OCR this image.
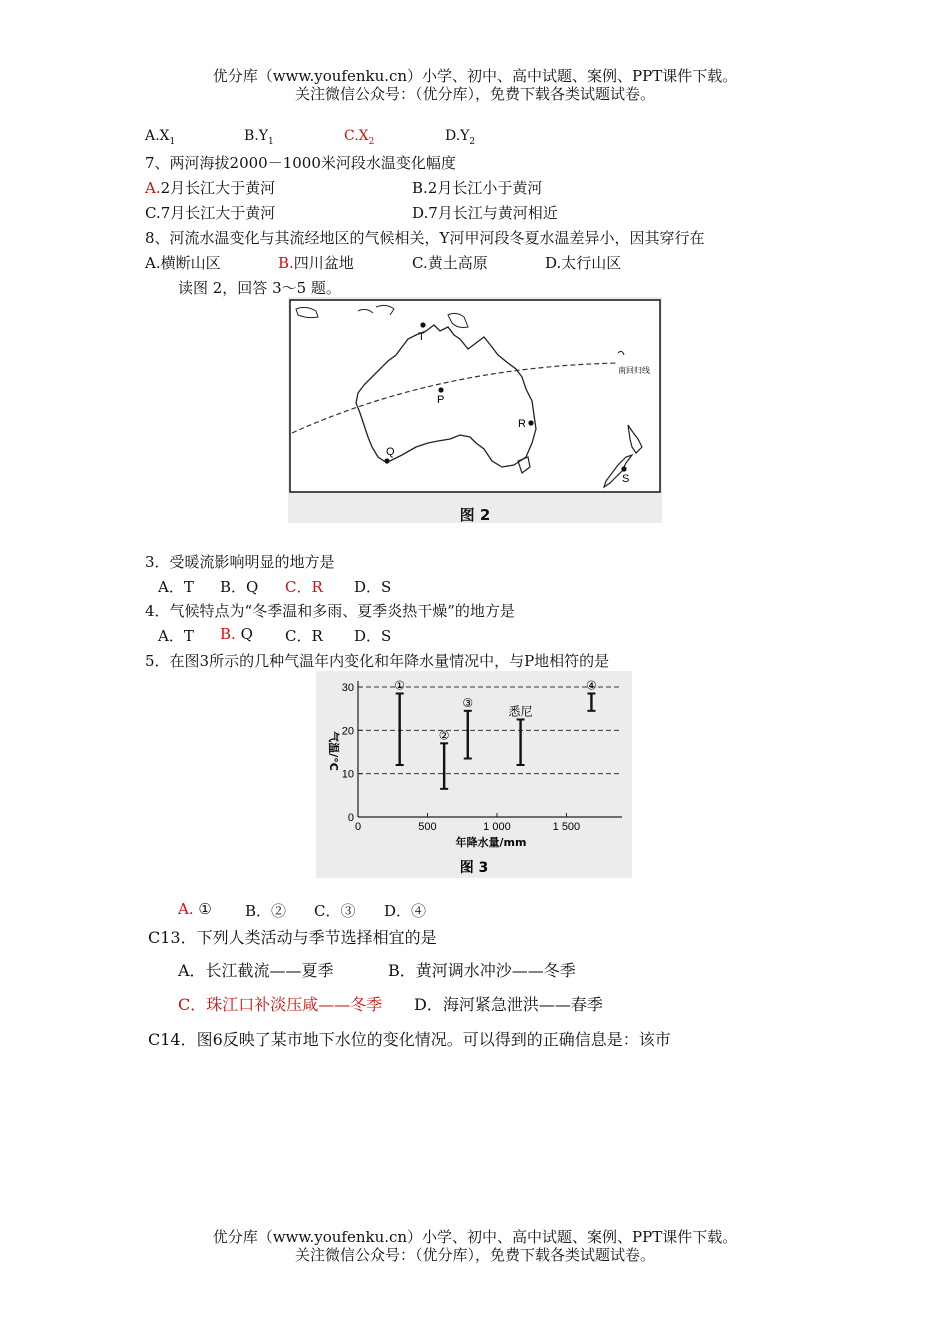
优分库（www.youfenku.cn）小学、初中、高中试题、案例、PPT课件下载。
关注微信公众号：（优分库），免费下载各类试题试卷。
$A.X_1$	$B.Y_1$	$C.X_2$	$D.Y_2$
7、两河海拔2000－1000米河段水温变化幅度
A.2月长江大于黄河	B.2月长江小于黄河
C.7月长江大于黄河	D.7月长江与黄河相近
8、河流水温变化与其流经地区的气候相关，Y河甲河段冬夏水温差异小，因其穿行在
A.横断山区	B.四川盆地	C.黄土高原	D.太行山区
读图 2，回答 3～5 题。
T
P
R
Q
S
南回归线
图 2
3．受暖流影响明显的地方是
A．T B．Q C．R D．S
4．气候特点为“冬季温和多雨、夏季炎热干燥”的地方是
A．T B. Q C．R D．S
5．在图3所示的几种气温年内变化和年降水量情况中，与P地相符的是
0	500	1 000	1 500
0
10
20
30	①
②
③
悉尼
④
年降水量/mm
气温/°C
图 3
A. ① B．② C．③ D．④
C13．下列人类活动与季节选择相宜的是
A．长江截流——夏季	B．黄河调水冲沙——冬季
C．珠江口补淡压咸——冬季 D．海河紧急泄洪——春季
C14．图6反映了某市地下水位的变化情况。可以得到的正确信息是：该市
优分库（www.youfenku.cn）小学、初中、高中试题、案例、PPT课件下载。
关注微信公众号：（优分库），免费下载各类试题试卷。
